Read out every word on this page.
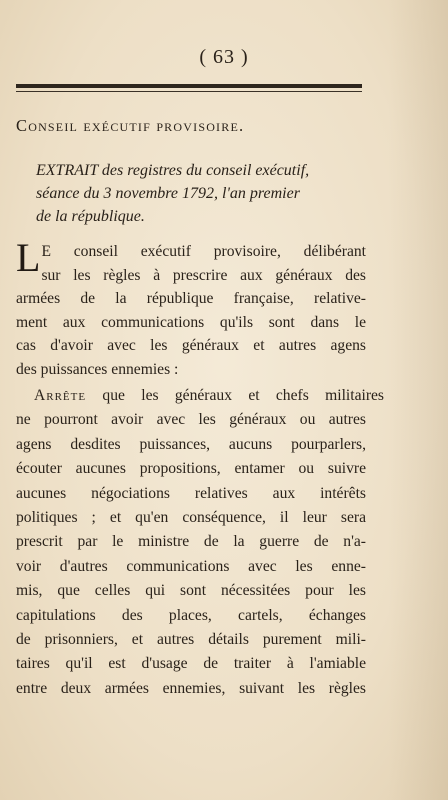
( 63 )
Conseil exécutif provisoire.
EXTRAIT des registres du conseil exécutif,
séance du 3 novembre 1792, l'an premier
de la république.
L E conseil exécutif provisoire, délibérant
sur les règles à prescrire aux généraux des
armées de la république française, relative-
ment aux communications qu'ils sont dans le
cas d'avoir avec les généraux et autres agens
des puissances ennemies :
Arrête que les généraux et chefs militaires
ne pourront avoir avec les généraux ou autres
agens desdites puissances, aucuns pourparlers,
écouter aucunes propositions, entamer ou suivre
aucunes négociations relatives aux intérêts
politiques ; et qu'en conséquence, il leur sera
prescrit par le ministre de la guerre de n'a-
voir d'autres communications avec les enne-
mis, que celles qui sont nécessitées pour les
capitulations des places, cartels, échanges
de prisonniers, et autres détails purement mili-
taires qu'il est d'usage de traiter à l'amiable
entre deux armées ennemies, suivant les règles
